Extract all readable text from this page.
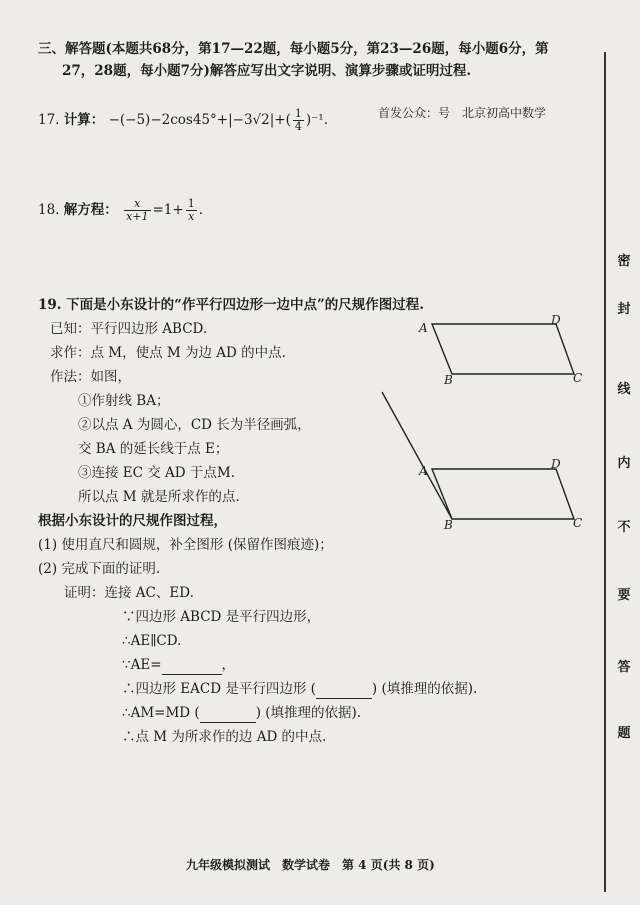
三、解答题(本题共68分，第17—22题，每小题5分，第23—26题，每小题6分，第
27，28题，每小题7分)解答应写出文字说明、演算步骤或证明过程.
17. 计算： $-(-5)-2\cos 45^\circ+|-3√2|+( \frac{1}{4} )^{-1}$.	首发公众：号　北京初高中数学
18. 解方程： $\frac{x}{x+1} =1+ \frac{1}{x}$ .
19. 下面是小东设计的“作平行四边形一边中点”的尺规作图过程.
已知：平行四边形 ABCD.
求作：点 M，使点 M 为边 AD 的中点.
作法：如图，
①作射线 BA；
②以点 A 为圆心，CD 长为半径画弧，
交 BA 的延长线于点 E；
③连接 EC 交 AD 于点M.
所以点 M 就是所求作的点.
根据小东设计的尺规作图过程，
(1) 使用直尺和圆规，补全图形 (保留作图痕迹)；
(2) 完成下面的证明.
证明：连接 AC、ED.
∵四边形 ABCD 是平行四边形，
∴AE∥CD.
∵AE=	，
∴四边形 EACD 是平行四边形 (	) (填推理的依据).
∴AM=MD (	) (填推理的依据).
∴点 M 为所求作的边 AD 的中点.
A
D
B	C
A	D
B	C
密
封
线
内
不
要
答
题
九年级模拟测试　数学试卷　第 4 页(共 8 页)
